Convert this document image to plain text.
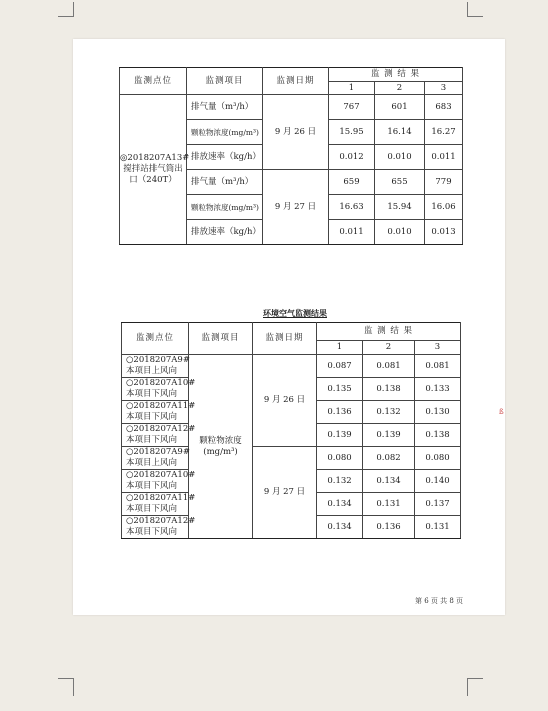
监测点位	监测项目	监测日期	监 测 结 果		
			1	2	3
◎2018207A13#
搅拌站排气筒出
口（240T）	排气量（m³/h）	9 月 26 日	767	601	683
	颗粒物浓度(mg/m³)		15.95	16.14	16.27
	排放速率（kg/h）		0.012	0.010	0.011
	排气量（m³/h）	9 月 27 日	659	655	779
	颗粒物浓度(mg/m³)		16.63	15.94	16.06
	排放速率（kg/h）		0.011	0.010	0.013
环境空气监测结果
监测点位	监测项目	监测日期	监 测 结 果		
			1	2	3
○2018207A9#
本项目上风向	颗粒物浓度
(mg/m³)	9 月 26 日	0.087	0.081	0.081
○2018207A10#
本项目下风向			0.135	0.138	0.133
○2018207A11#
本项目下风向			0.136	0.132	0.130
○2018207A12#
本项目下风向			0.139	0.139	0.138
○2018207A9#
本项目上风向		9 月 27 日	0.080	0.082	0.080
○2018207A10#
本项目下风向			0.132	0.134	0.140
○2018207A11#
本项目下风向			0.134	0.131	0.137
○2018207A12#
本项目下风向			0.134	0.136	0.131
ß
第 6 页 共 8 页
